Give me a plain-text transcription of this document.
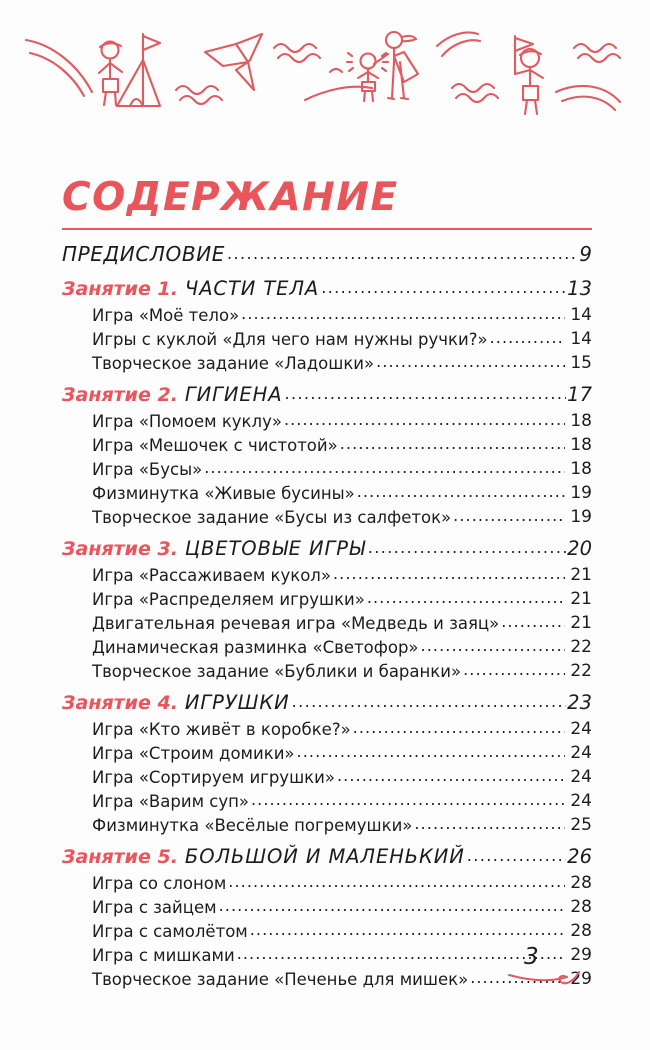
СОДЕРЖАНИЕ
ПРЕДИСЛОВИЕ .....	9
Занятие 1. ЧАСТИ ТЕЛА .....	13
Игра «Моё тело» .....	14
Игры с куклой «Для чего нам нужны ручки?» .....	14
Творческое задание «Ладошки» .....	15
Занятие 2. ГИГИЕНА .....	17
Игра «Помоем куклу» .....	18
Игра «Мешочек с чистотой» .....	18
Игра «Бусы» .....	18
Физминутка «Живые бусины» .....	19
Творческое задание «Бусы из салфеток» .....	19
Занятие 3. ЦВЕТОВЫЕ ИГРЫ .....	20
Игра «Рассаживаем кукол» .....	21
Игра «Распределяем игрушки» .....	21
Двигательная речевая игра «Медведь и заяц» .....	21
Динамическая разминка «Светофор» .....	22
Творческое задание «Бублики и баранки» .....	22
Занятие 4. ИГРУШКИ .....	23
Игра «Кто живёт в коробке?» .....	24
Игра «Строим домики» .....	24
Игра «Сортируем игрушки» .....	24
Игра «Варим суп» .....	24
Физминутка «Весёлые погремушки» .....	25
Занятие 5. БОЛЬШОЙ И МАЛЕНЬКИЙ .....	26
Игра со слоном .....	28
Игра с зайцем .....	28
Игра с самолётом .....	28
Игра с мишками .....	29
Творческое задание «Печенье для мишек» .....	29
3
